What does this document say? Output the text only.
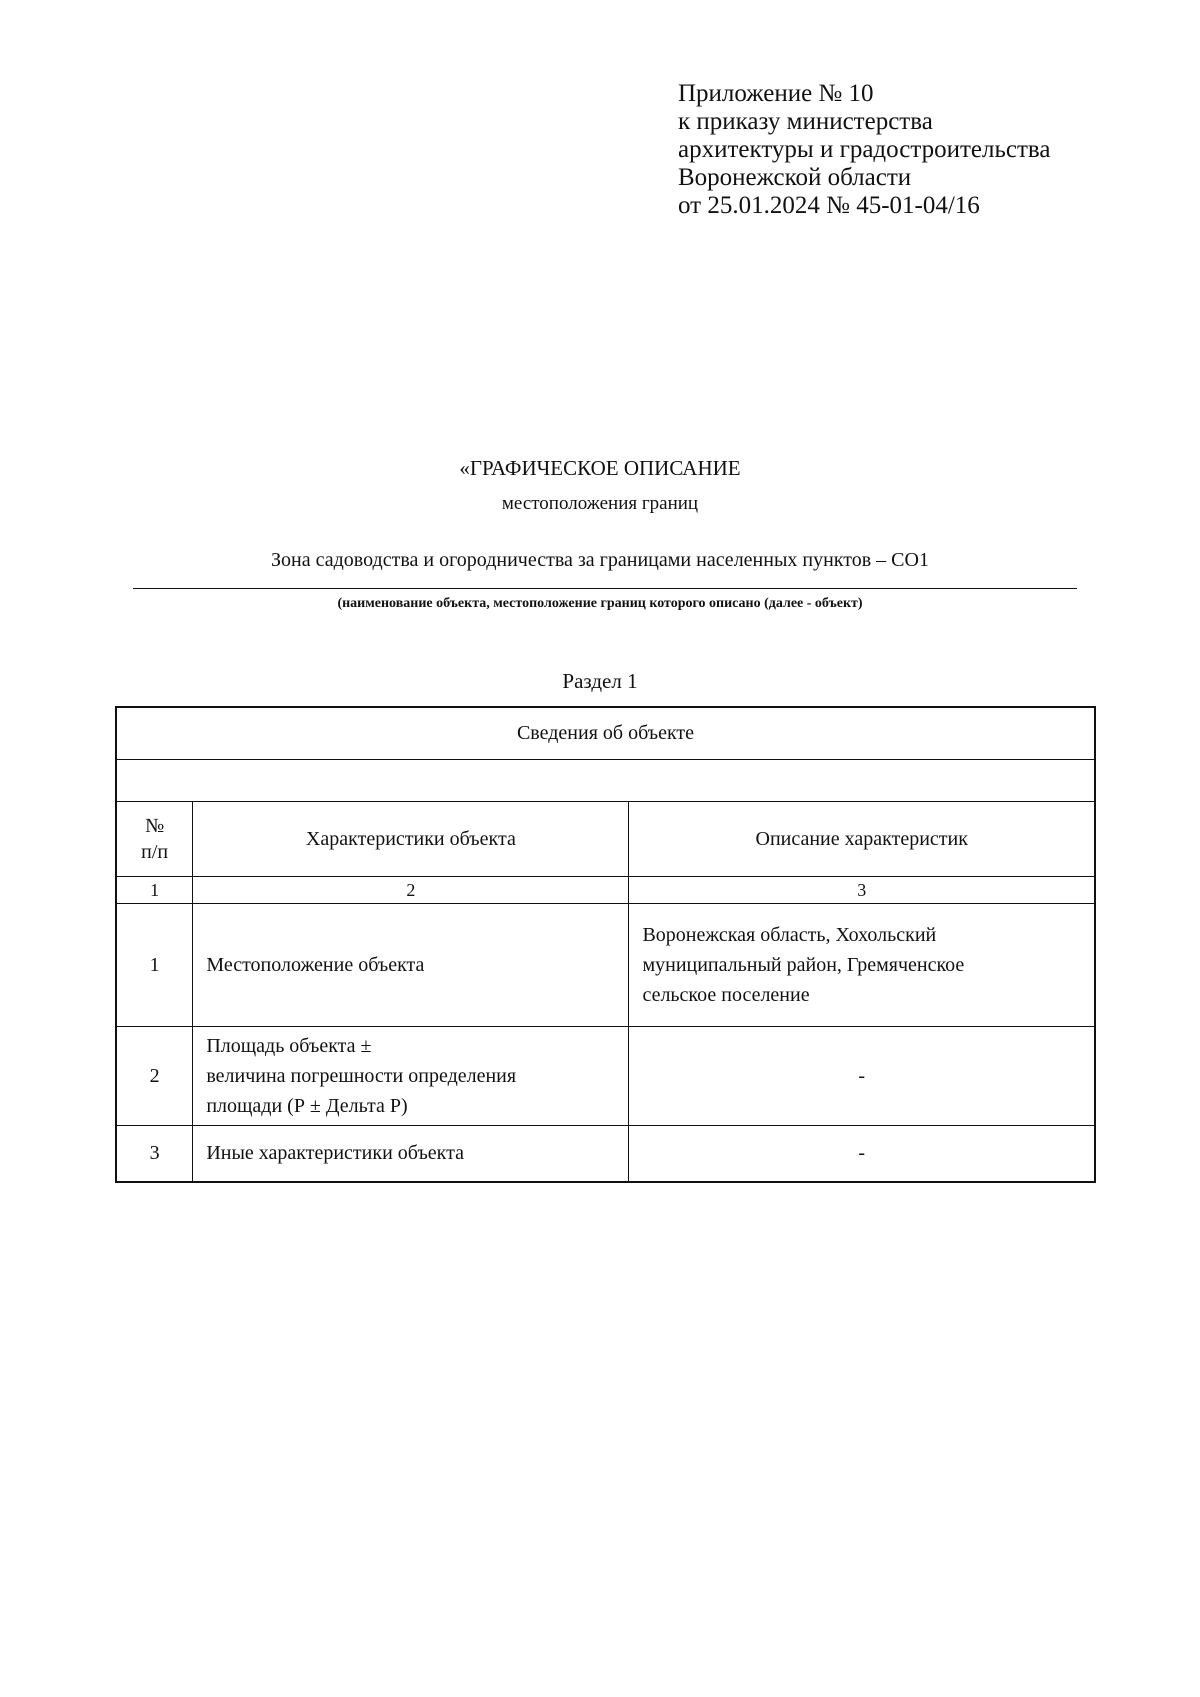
Приложение № 10
к приказу министерства
архитектуры и градостроительства
Воронежской области
от 25.01.2024 № 45-01-04/16
«ГРАФИЧЕСКОЕ ОПИСАНИЕ
местоположения границ
Зона садоводства и огородничества за границами населенных пунктов – СО1
(наименование объекта, местоположение границ которого описано (далее - объект)
Раздел 1
Сведения об объекте		

№
п/п	Характеристики объекта	Описание характеристик
1	2	3
1	Местоположение объекта	Воронежская область, Хохольский
муниципальный район, Гремяченское
сельское поселение
2	Площадь объекта ±
величина погрешности определения
площади (Р ± Дельта Р)	-
3	Иные характеристики объекта	-
